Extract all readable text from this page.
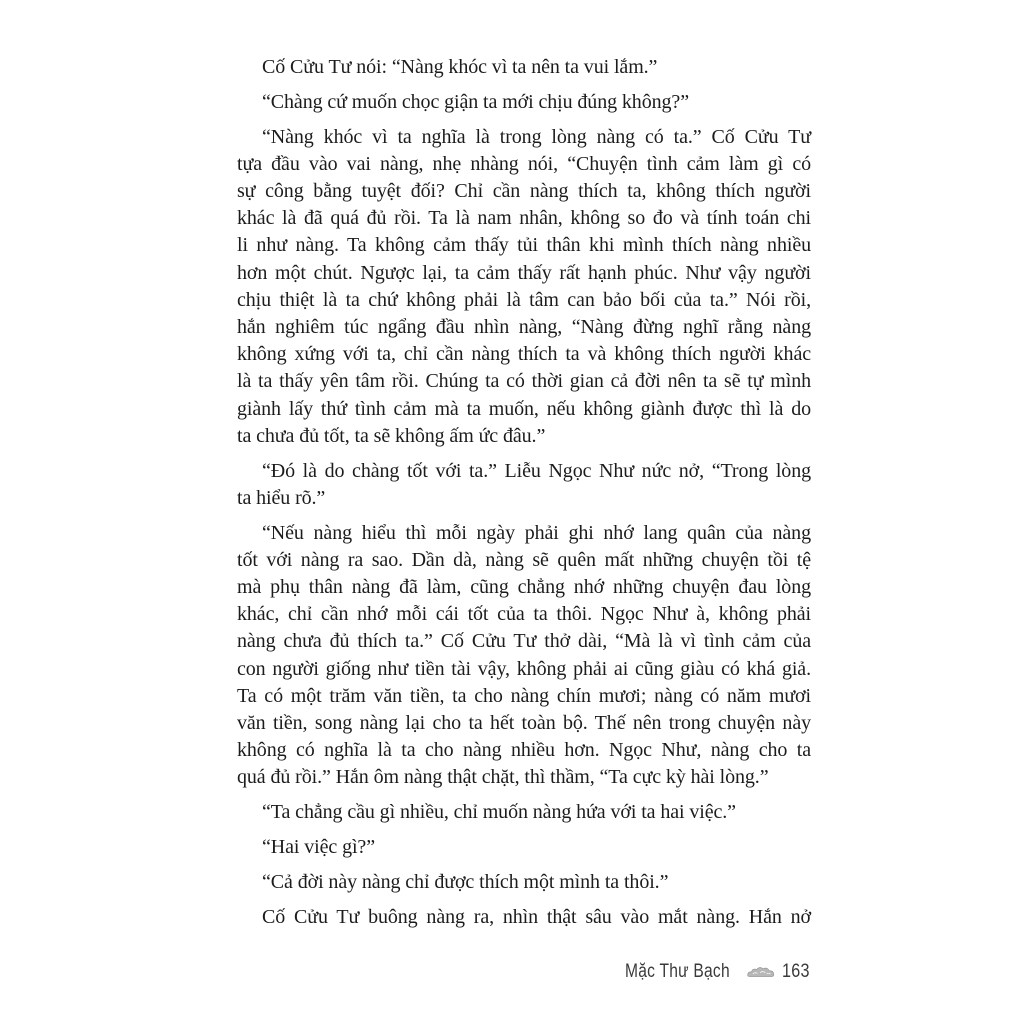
Cố Cửu Tư nói: “Nàng khóc vì ta nên ta vui lắm.”
“Chàng cứ muốn chọc giận ta mới chịu đúng không?”
“Nàng khóc vì ta nghĩa là trong lòng nàng có ta.” Cố Cửu Tư
tựa đầu vào vai nàng, nhẹ nhàng nói, “Chuyện tình cảm làm gì có
sự công bằng tuyệt đối? Chỉ cần nàng thích ta, không thích người
khác là đã quá đủ rồi. Ta là nam nhân, không so đo và tính toán chi
li như nàng. Ta không cảm thấy tủi thân khi mình thích nàng nhiều
hơn một chút. Ngược lại, ta cảm thấy rất hạnh phúc. Như vậy người
chịu thiệt là ta chứ không phải là tâm can bảo bối của ta.” Nói rồi,
hắn nghiêm túc ngẩng đầu nhìn nàng, “Nàng đừng nghĩ rằng nàng
không xứng với ta, chỉ cần nàng thích ta và không thích người khác
là ta thấy yên tâm rồi. Chúng ta có thời gian cả đời nên ta sẽ tự mình
giành lấy thứ tình cảm mà ta muốn, nếu không giành được thì là do
ta chưa đủ tốt, ta sẽ không ấm ức đâu.”
“Đó là do chàng tốt với ta.” Liễu Ngọc Như nức nở, “Trong lòng
ta hiểu rõ.”
“Nếu nàng hiểu thì mỗi ngày phải ghi nhớ lang quân của nàng
tốt với nàng ra sao. Dần dà, nàng sẽ quên mất những chuyện tồi tệ
mà phụ thân nàng đã làm, cũng chẳng nhớ những chuyện đau lòng
khác, chỉ cần nhớ mỗi cái tốt của ta thôi. Ngọc Như à, không phải
nàng chưa đủ thích ta.” Cố Cửu Tư thở dài, “Mà là vì tình cảm của
con người giống như tiền tài vậy, không phải ai cũng giàu có khá giả.
Ta có một trăm văn tiền, ta cho nàng chín mươi; nàng có năm mươi
văn tiền, song nàng lại cho ta hết toàn bộ. Thế nên trong chuyện này
không có nghĩa là ta cho nàng nhiều hơn. Ngọc Như, nàng cho ta
quá đủ rồi.” Hắn ôm nàng thật chặt, thì thầm, “Ta cực kỳ hài lòng.”
“Ta chẳng cầu gì nhiều, chỉ muốn nàng hứa với ta hai việc.”
“Hai việc gì?”
“Cả đời này nàng chỉ được thích một mình ta thôi.”
Cố Cửu Tư buông nàng ra, nhìn thật sâu vào mắt nàng. Hắn nở
Mặc Thư Bạch	163
